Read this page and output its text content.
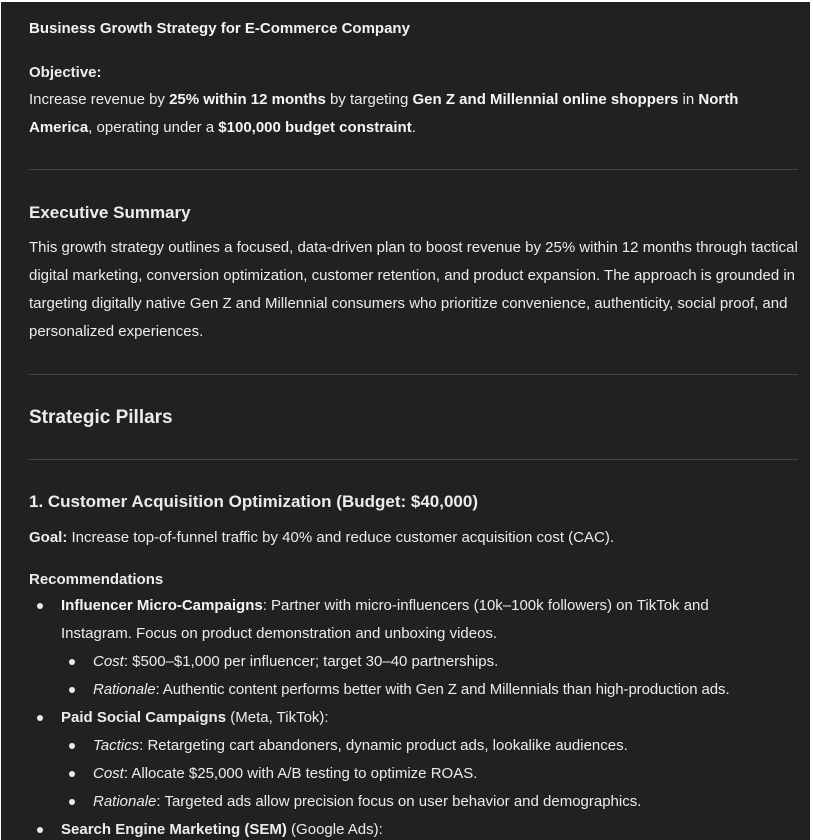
Business Growth Strategy for E-Commerce Company
Objective:
Increase revenue by 25% within 12 months by targeting Gen Z and Millennial online shoppers in North America, operating under a $100,000 budget constraint.
Executive Summary
This growth strategy outlines a focused, data-driven plan to boost revenue by 25% within 12 months through tactical digital marketing, conversion optimization, customer retention, and product expansion. The approach is grounded in targeting digitally native Gen Z and Millennial consumers who prioritize convenience, authenticity, social proof, and personalized experiences.
Strategic Pillars
1. Customer Acquisition Optimization (Budget: $40,000)
Goal: Increase top-of-funnel traffic by 40% and reduce customer acquisition cost (CAC).
Recommendations
Influencer Micro-Campaigns: Partner with micro-influencers (10k–100k followers) on TikTok and Instagram. Focus on product demonstration and unboxing videos.
Cost: $500–$1,000 per influencer; target 30–40 partnerships.
Rationale: Authentic content performs better with Gen Z and Millennials than high-production ads.
Paid Social Campaigns (Meta, TikTok):
Tactics: Retargeting cart abandoners, dynamic product ads, lookalike audiences.
Cost: Allocate $25,000 with A/B testing to optimize ROAS.
Rationale: Targeted ads allow precision focus on user behavior and demographics.
Search Engine Marketing (SEM) (Google Ads):
